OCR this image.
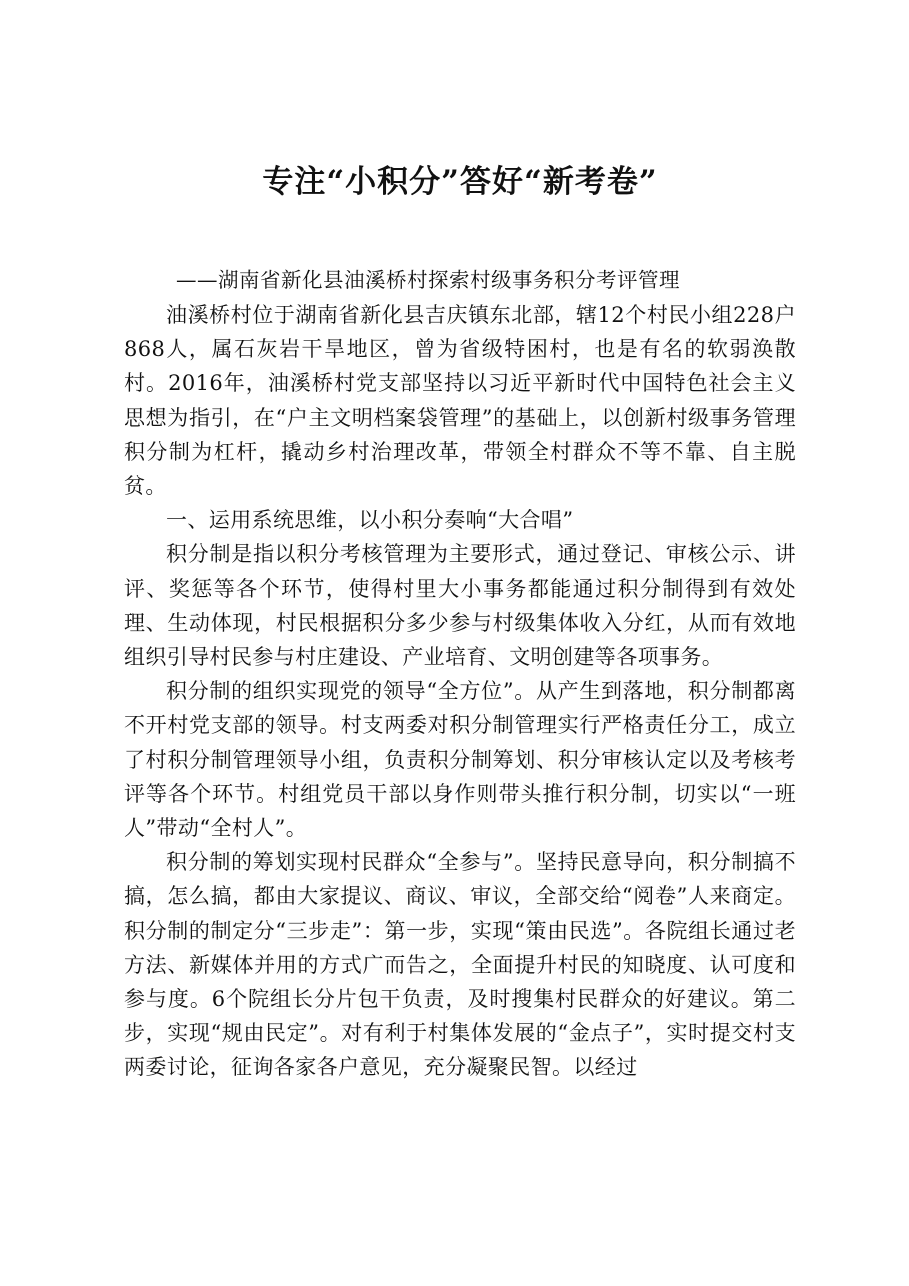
专注“小积分”答好“新考卷”

——湖南省新化县油溪桥村探索村级事务积分考评管理

油溪桥村位于湖南省新化县吉庆镇东北部，辖12个村民小组228户868人，属石灰岩干旱地区，曾为省级特困村，也是有名的软弱涣散村。2016年，油溪桥村党支部坚持以习近平新时代中国特色社会主义思想为指引，在“户主文明档案袋管理”的基础上，以创新村级事务管理积分制为杠杆，撬动乡村治理改革，带领全村群众不等不靠、自主脱贫。

一、运用系统思维，以小积分奏响“大合唱”

积分制是指以积分考核管理为主要形式，通过登记、审核公示、讲评、奖惩等各个环节，使得村里大小事务都能通过积分制得到有效处理、生动体现，村民根据积分多少参与村级集体收入分红，从而有效地组织引导村民参与村庄建设、产业培育、文明创建等各项事务。

积分制的组织实现党的领导“全方位”。从产生到落地，积分制都离不开村党支部的领导。村支两委对积分制管理实行严格责任分工，成立了村积分制管理领导小组，负责积分制筹划、积分审核认定以及考核考评等各个环节。村组党员干部以身作则带头推行积分制，切实以“一班人”带动“全村人”。

积分制的筹划实现村民群众“全参与”。坚持民意导向，积分制搞不搞，怎么搞，都由大家提议、商议、审议，全部交给“阅卷”人来商定。积分制的制定分“三步走”：第一步，实现“策由民选”。各院组长通过老方法、新媒体并用的方式广而告之，全面提升村民的知晓度、认可度和参与度。6个院组长分片包干负责，及时搜集村民群众的好建议。第二步，实现“规由民定”。对有利于村集体发展的“金点子”，实时提交村支两委讨论，征询各家各户意见，充分凝聚民智。以经过
